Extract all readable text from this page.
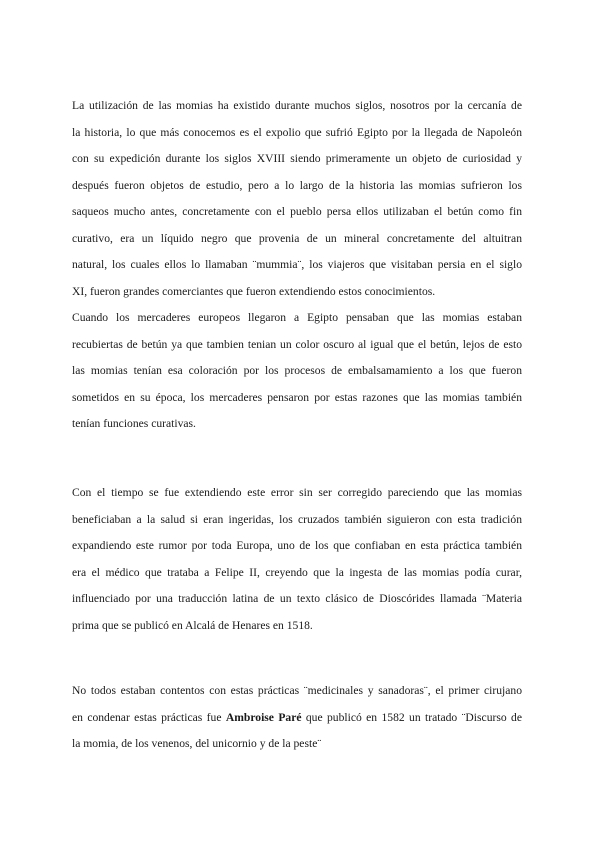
La utilización de las momias ha existido durante muchos siglos, nosotros por la cercanía de
la historia, lo que más conocemos es el expolio que sufrió Egipto por la llegada de Napoleón
con su expedición durante los siglos XVIII siendo primeramente un objeto de curiosidad y
después fueron objetos de estudio, pero a lo largo de la historia las momias sufrieron los
saqueos mucho antes, concretamente con el pueblo persa ellos utilizaban el betún como fin
curativo, era un líquido negro que provenia de un mineral concretamente del altuitran
natural, los cuales ellos lo llamaban ¨mummia¨, los viajeros que visitaban persia en el siglo
XI, fueron grandes comerciantes que fueron extendiendo estos conocimientos.
Cuando los mercaderes europeos llegaron a Egipto pensaban que las momias estaban
recubiertas de betún ya que tambien tenian un color oscuro al igual que el betún, lejos de esto
las momias tenían esa coloración por los procesos de embalsamamiento a los que fueron
sometidos en su época, los mercaderes pensaron por estas razones que las momias también
tenían funciones curativas.
Con el tiempo se fue extendiendo este error sin ser corregido pareciendo que las momias
beneficiaban a la salud si eran ingeridas, los cruzados también siguieron con esta tradición
expandiendo este rumor por toda Europa, uno de los que confiaban en esta práctica también
era el médico que trataba a Felipe II, creyendo que la ingesta de las momias podía curar,
influenciado por una traducción latina de un texto clásico de Dioscórides llamada ¨Materia
prima que se publicó en Alcalá de Henares en 1518.
No todos estaban contentos con estas prácticas ¨medicinales y sanadoras¨, el primer cirujano
en condenar estas prácticas fue Ambroise Paré que publicó en 1582 un tratado ¨Discurso de
la momia, de los venenos, del unicornio y de la peste¨
